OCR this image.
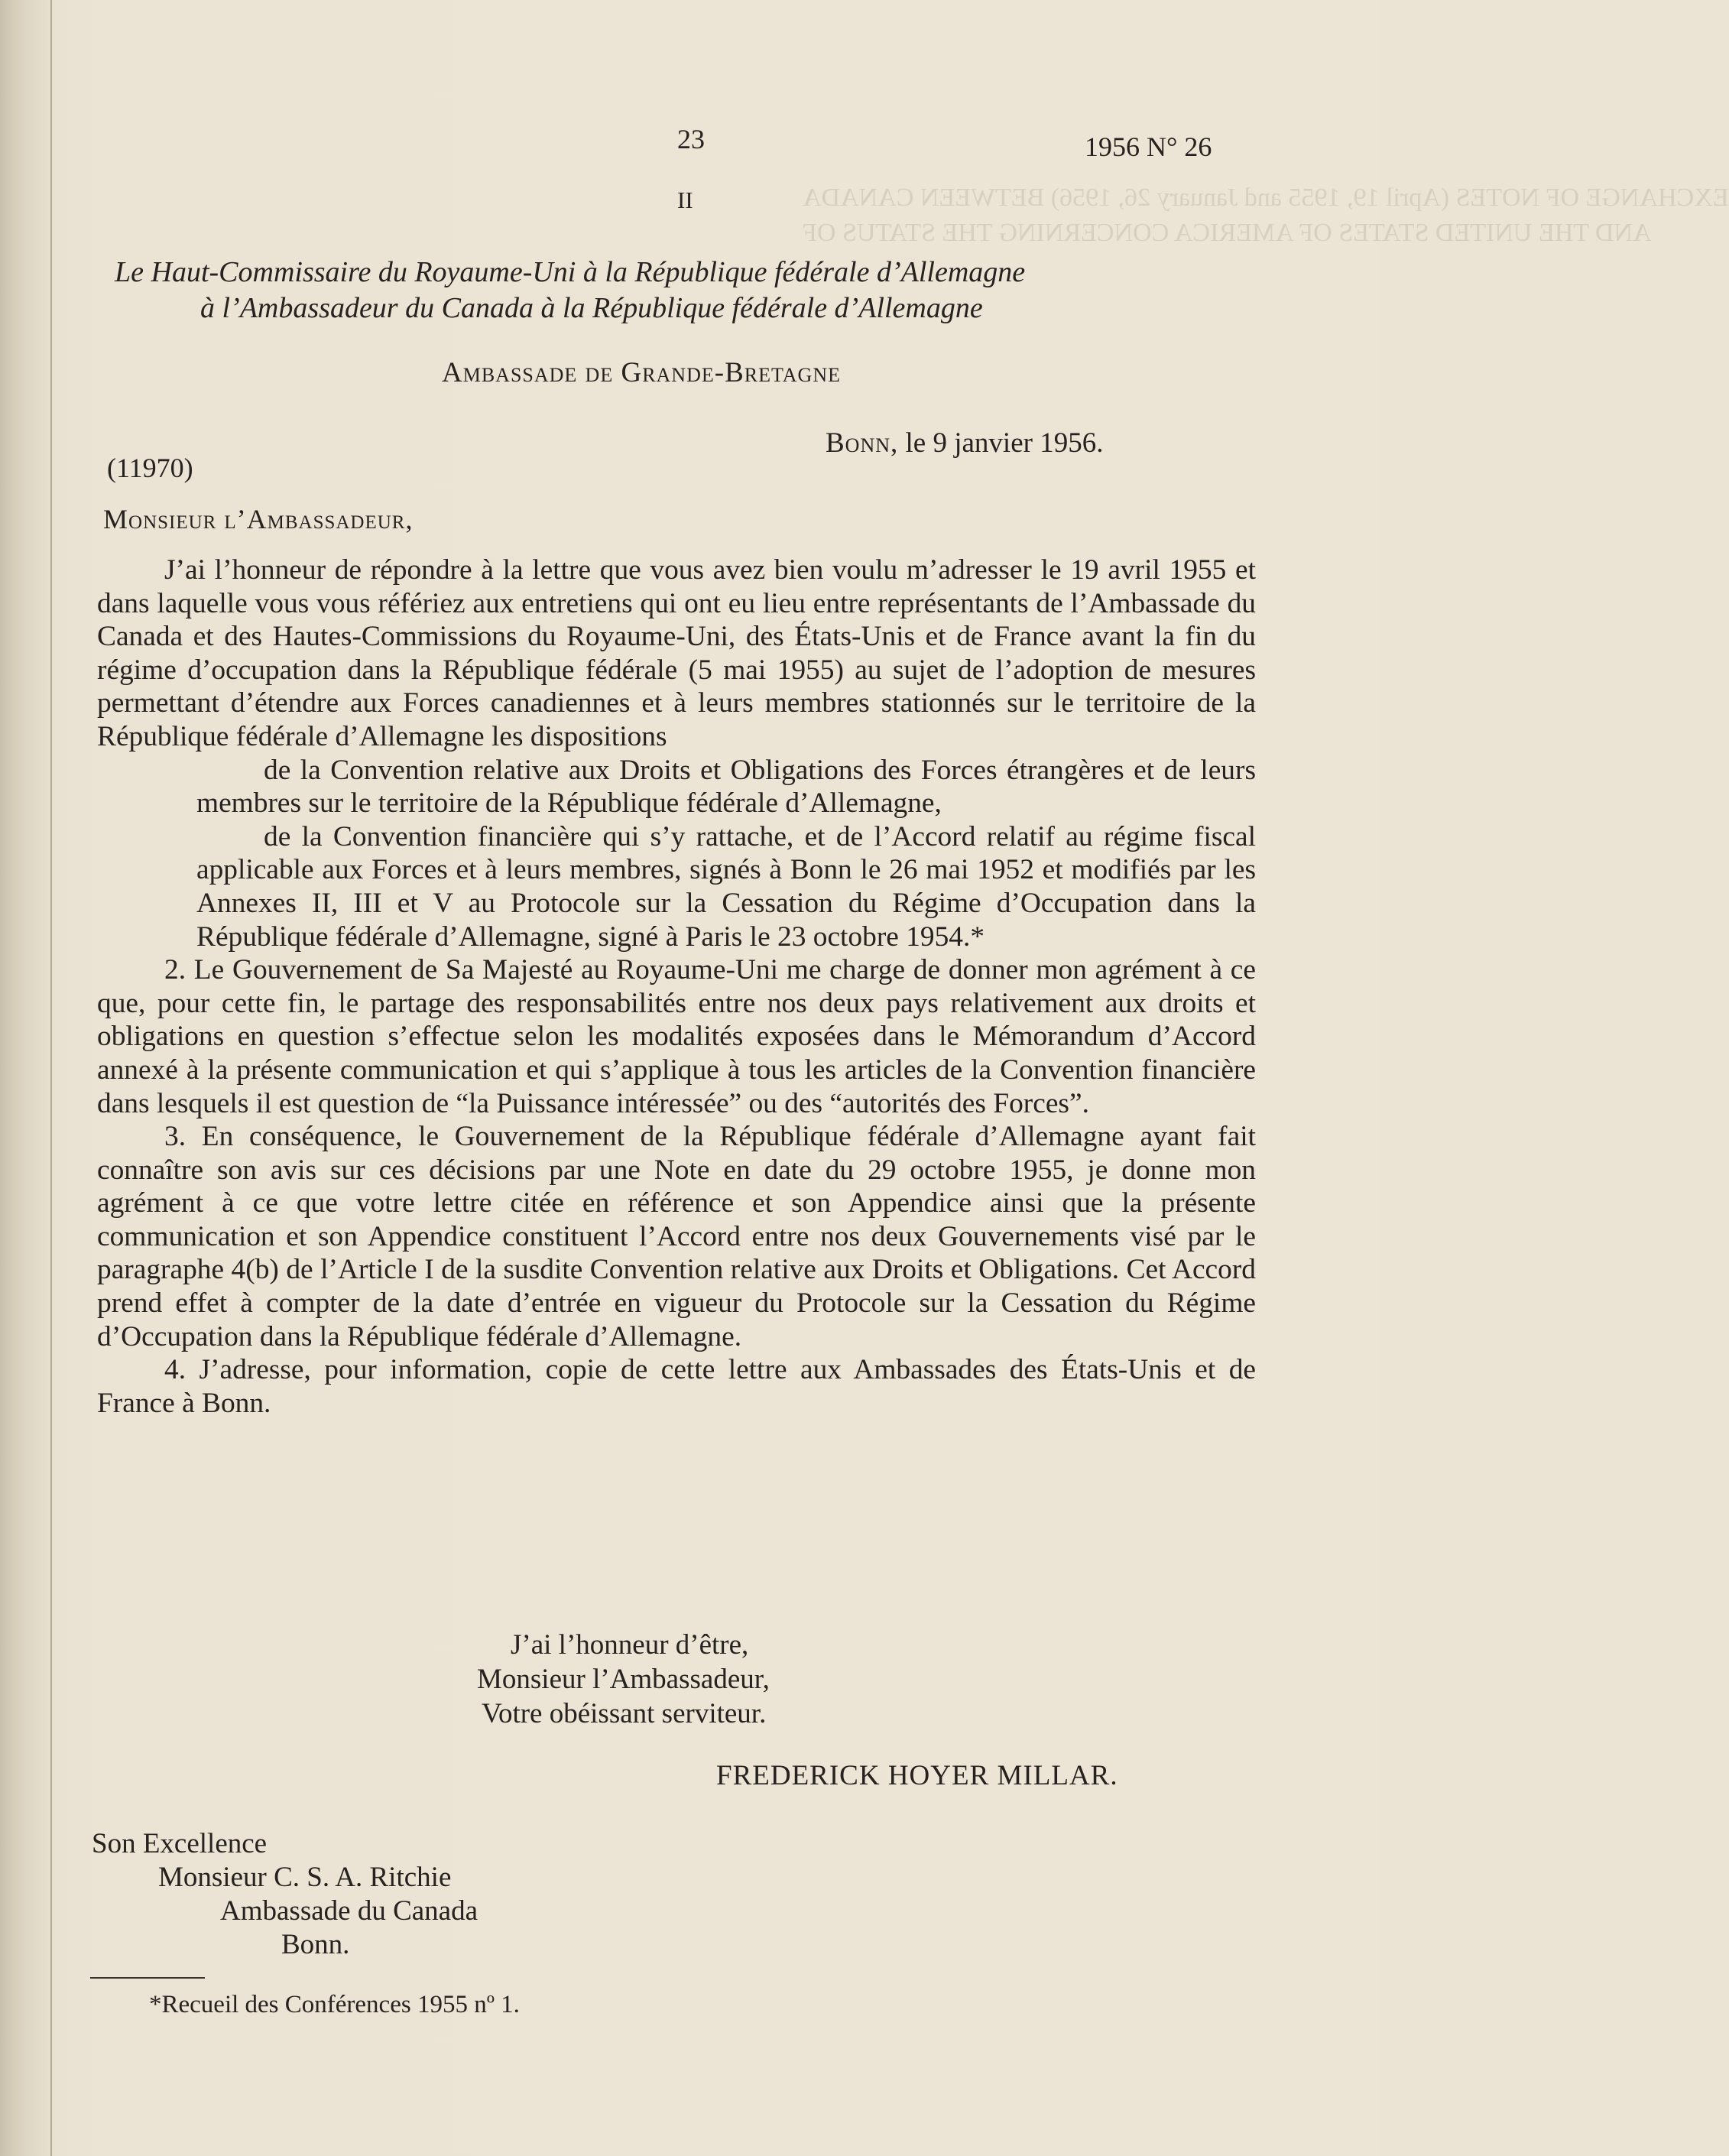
EXCHANGE OF NOTES (April 19, 1955 and January 26, 1956) BETWEEN CANADA
AND THE UNITED STATES OF AMERICA CONCERNING THE STATUS OF
23	1956 N° 26
II
Le Haut-Commissaire du Royaume-Uni à la République fédérale d’Allemagne
à l’Ambassadeur du Canada à la République fédérale d’Allemagne
Ambassade de Grande-Bretagne
Bonn, le 9 janvier 1956.
(11970)
Monsieur l’Ambassadeur,

J’ai l’honneur de répondre à la lettre que vous avez bien voulu m’adresser le 19 avril 1955 et dans laquelle vous vous référiez aux entretiens qui ont eu lieu entre représentants de l’Ambassade du Canada et des Hautes-Commissions du Royaume-Uni, des États-Unis et de France avant la fin du régime d’occupation dans la République fédérale (5 mai 1955) au sujet de l’adoption de mesures permettant d’étendre aux Forces canadiennes et à leurs membres stationnés sur le territoire de la République fédérale d’Allemagne les dispositions

de la Convention relative aux Droits et Obligations des Forces étrangères et de leurs membres sur le territoire de la République fédérale d’Allemagne,
de la Convention financière qui s’y rattache, et de l’Accord relatif au régime fiscal applicable aux Forces et à leurs membres, signés à Bonn le 26 mai 1952 et modifiés par les Annexes II, III et V au Protocole sur la Cessation du Régime d’Occupation dans la République fédérale d’Allemagne, signé à Paris le 23 octobre 1954.*

2. Le Gouvernement de Sa Majesté au Royaume-Uni me charge de donner mon agrément à ce que, pour cette fin, le partage des responsabilités entre nos deux pays relativement aux droits et obligations en question s’effectue selon les modalités exposées dans le Mémorandum d’Accord annexé à la présente communication et qui s’applique à tous les articles de la Convention financière dans lesquels il est question de “la Puissance intéressée” ou des “autorités des Forces”.

3. En conséquence, le Gouvernement de la République fédérale d’Allemagne ayant fait connaître son avis sur ces décisions par une Note en date du 29 octobre 1955, je donne mon agrément à ce que votre lettre citée en référence et son Appendice ainsi que la présente communication et son Appendice constituent l’Accord entre nos deux Gouvernements visé par le paragraphe 4(b) de l’Article I de la susdite Convention relative aux Droits et Obligations. Cet Accord prend effet à compter de la date d’entrée en vigueur du Protocole sur la Cessation du Régime d’Occupation dans la République fédérale d’Allemagne.

4. J’adresse, pour information, copie de cette lettre aux Ambassades des États-Unis et de France à Bonn.

J’ai l’honneur d’être,
Monsieur l’Ambassadeur,
Votre obéissant serviteur.
FREDERICK HOYER MILLAR.
Son Excellence
Monsieur C. S. A. Ritchie
Ambassade du Canada
Bonn.
*Recueil des Conférences 1955 nº 1.
